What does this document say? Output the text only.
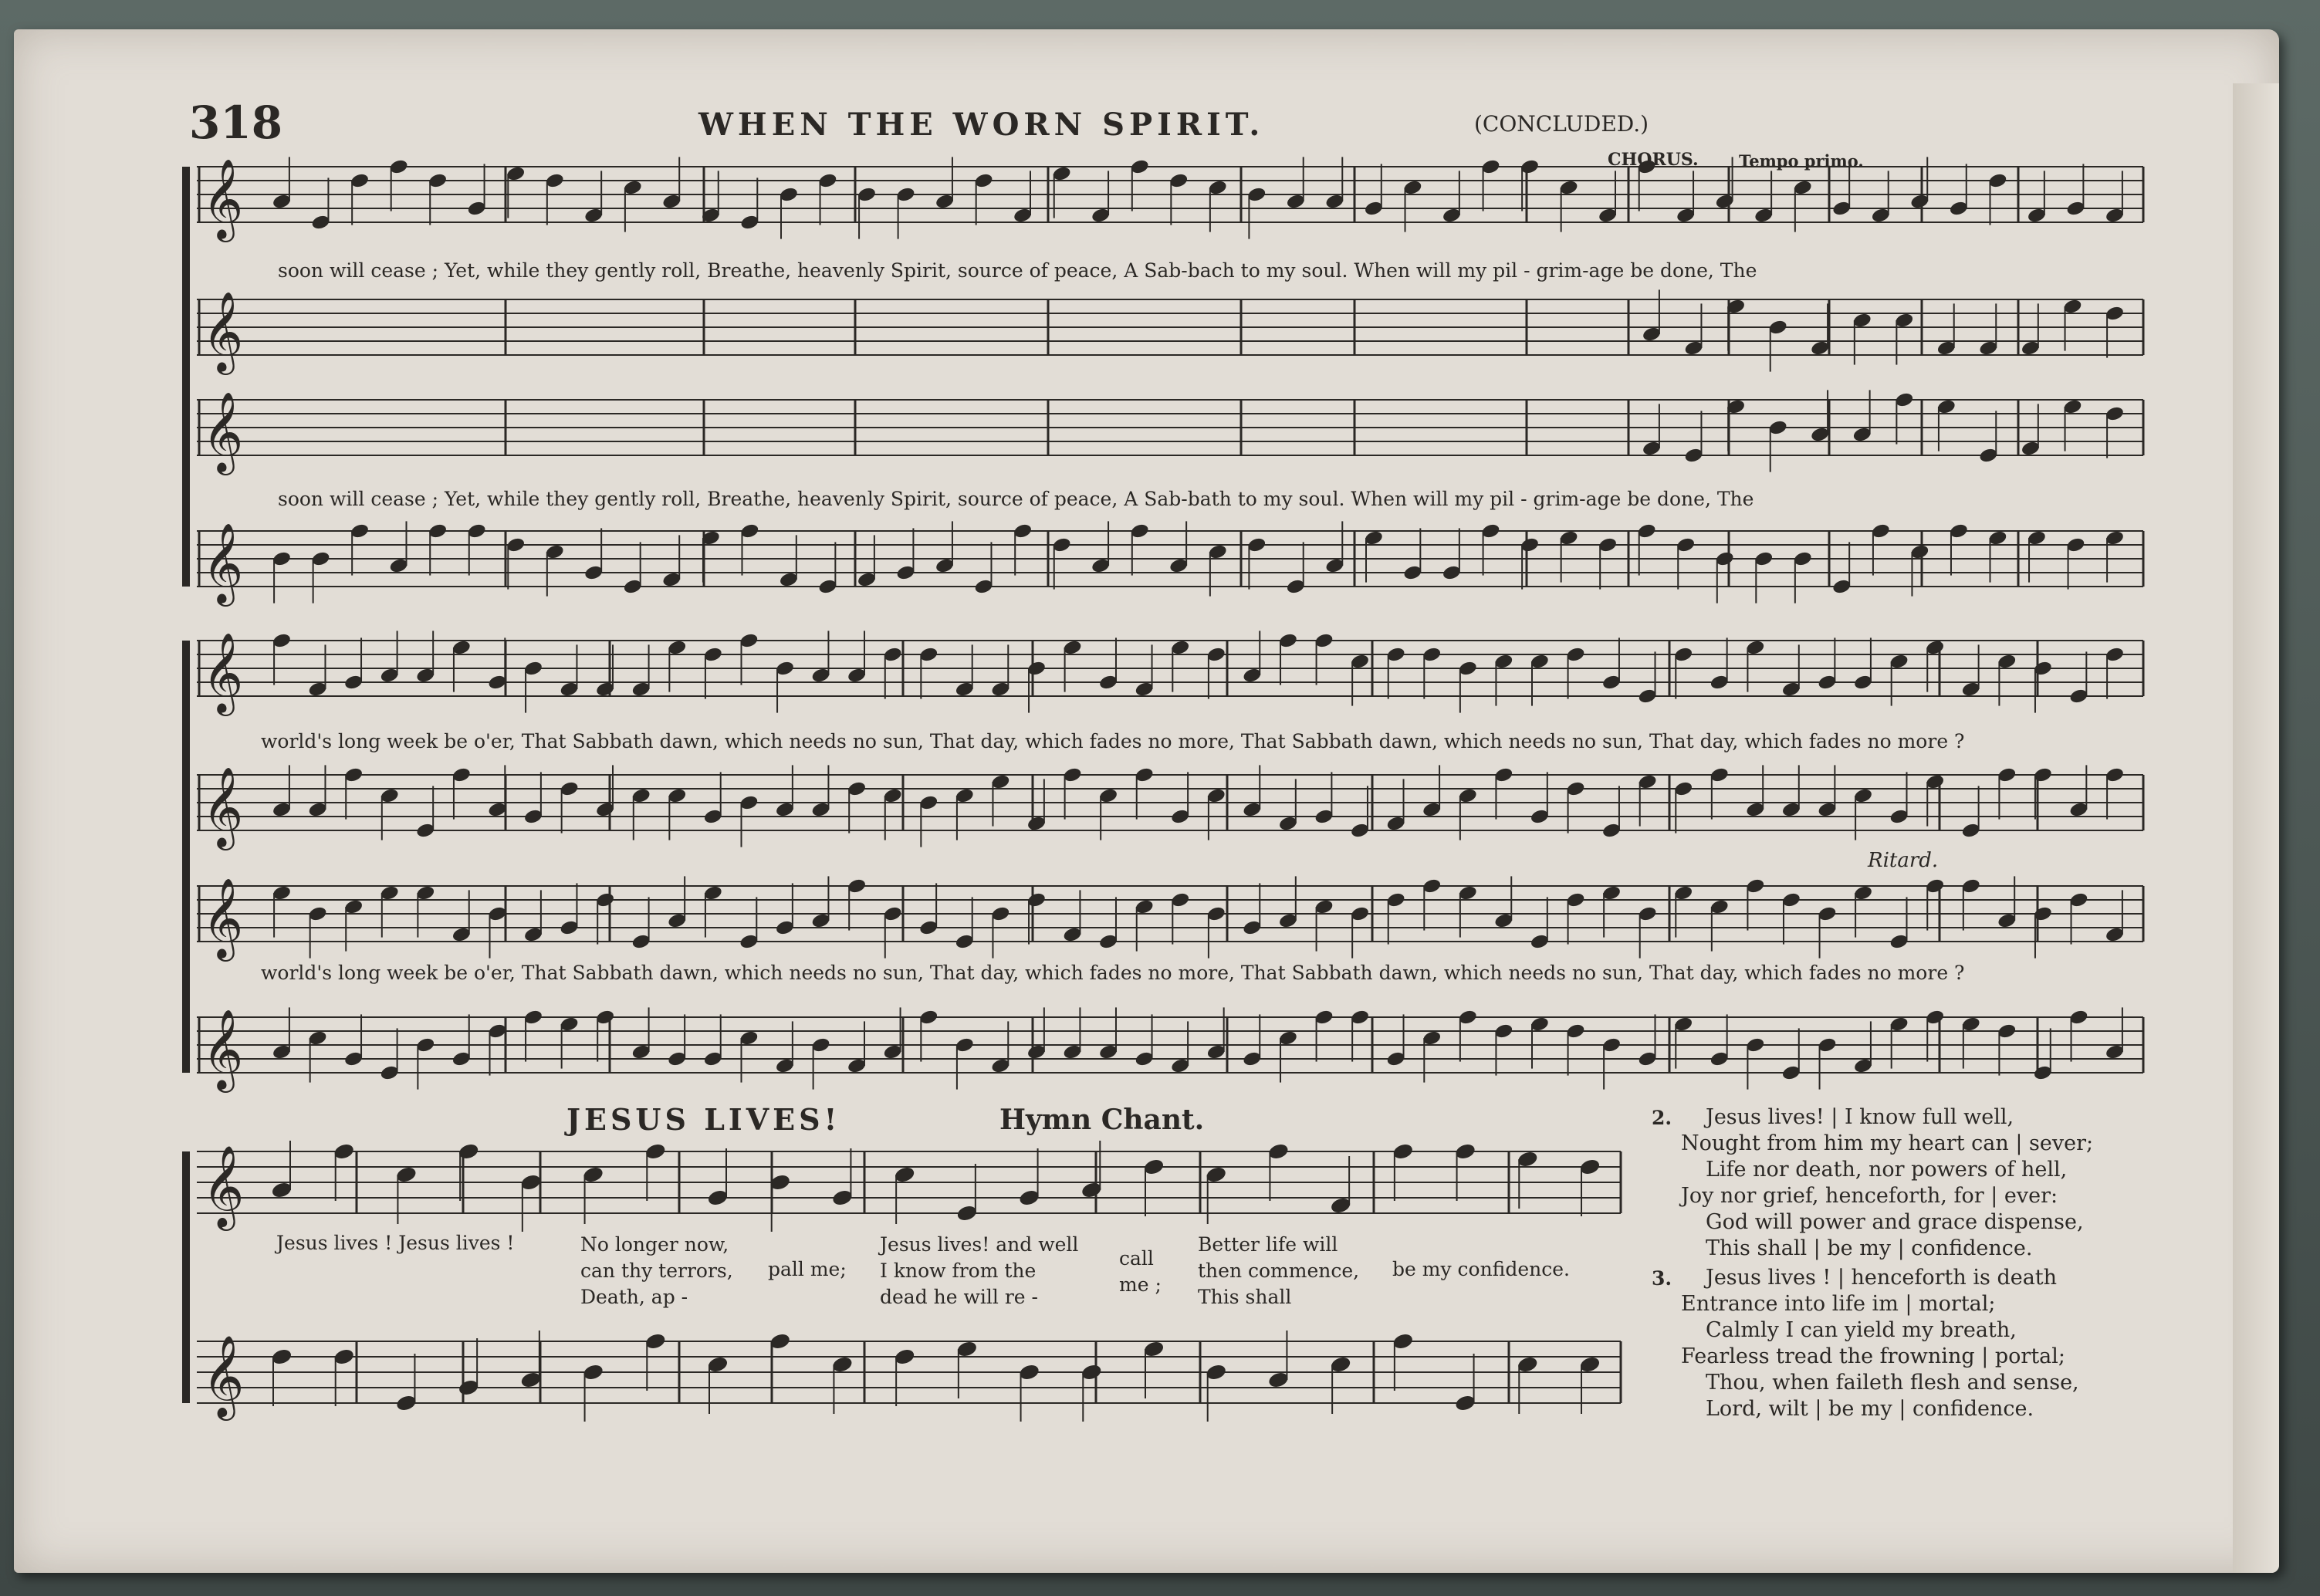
𝄞
𝄞
𝄞
𝄞
𝄞
𝄞
𝄞
𝄞
𝄞
𝄞
318	WHEN THE WORN SPIRIT.	(CONCLUDED.)
CHORUS. Tempo primo.
soon will cease ; Yet, while they gently roll, Breathe, heavenly Spirit, source of peace, A Sab-bach to my soul. When will my pil - grim-age be done, The
soon will cease ; Yet, while they gently roll, Breathe, heavenly Spirit, source of peace, A Sab-bath to my soul. When will my pil - grim-age be done, The
world's long week be o'er, That Sabbath dawn, which needs no sun, That day, which fades no more, That Sabbath dawn, which needs no sun, That day, which fades no more ?
world's long week be o'er, That Sabbath dawn, which needs no sun, That day, which fades no more, That Sabbath dawn, which needs no sun, That day, which fades no more ?
Ritard.
JESUS LIVES!	Hymn Chant.
Jesus lives ! Jesus lives !	No longer now,
can thy terrors,
Death, ap -
pall me;
Jesus lives! and well
I know from the
dead he will re -
call
me ;
Better life will
then commence,
This shall
be my confidence.
2. Jesus lives! | I know full well,
Nought from him my heart can | sever;
Life nor death, nor powers of hell,
Joy nor grief, henceforth, for | ever:
God will power and grace dispense,
This shall | be my | confidence.
3. Jesus lives ! | henceforth is death
Entrance into life im | mortal;
Calmly I can yield my breath,
Fearless tread the frowning | portal;
Thou, when faileth flesh and sense,
Lord, wilt | be my | confidence.
